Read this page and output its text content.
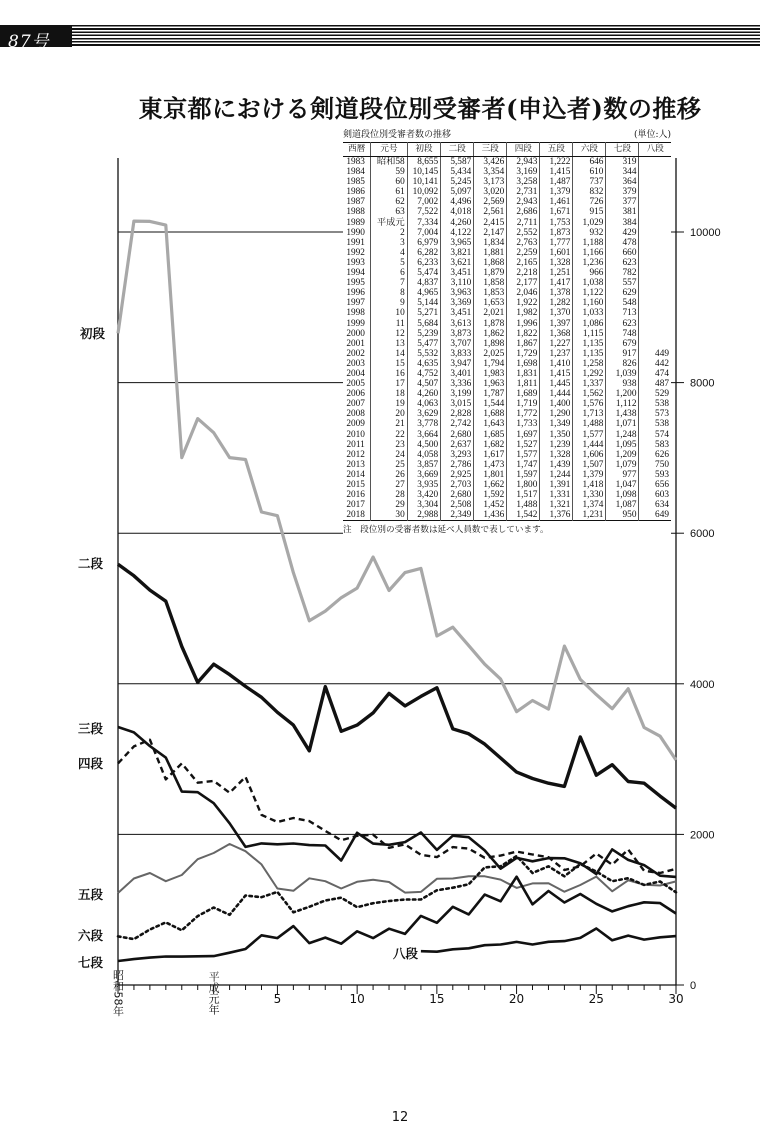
87号
東京都における剣道段位別受審者(申込者)数の推移
0
2000
4000
6000
8000
10000
昭和58年	平成元年	5	10	15	20	25	30
初段
二段
三段
四段
五段
六段
七段
八段
剣道段位別受審者数の推移	(単位:人)
西暦	元号	初段	二段	三段	四段	五段	六段	七段	八段
1983	昭和58	8,655	5,587	3,426	2,943	1,222	646	319	
1984	59	10,145	5,434	3,354	3,169	1,415	610	344	
1985	60	10,141	5,245	3,173	3,258	1,487	737	364	
1986	61	10,092	5,097	3,020	2,731	1,379	832	379	
1987	62	7,002	4,496	2,569	2,943	1,461	726	377	
1988	63	7,522	4,018	2,561	2,686	1,671	915	381	
1989	平成元	7,334	4,260	2,415	2,711	1,753	1,029	384	
1990	2	7,004	4,122	2,147	2,552	1,873	932	429	
1991	3	6,979	3,965	1,834	2,763	1,777	1,188	478	
1992	4	6,282	3,821	1,881	2,259	1,601	1,166	660	
1993	5	6,233	3,621	1,868	2,165	1,328	1,236	623	
1994	6	5,474	3,451	1,879	2,218	1,251	966	782	
1995	7	4,837	3,110	1,858	2,177	1,417	1,038	557	
1996	8	4,965	3,963	1,853	2,046	1,378	1,122	629	
1997	9	5,144	3,369	1,653	1,922	1,282	1,160	548	
1998	10	5,271	3,451	2,021	1,982	1,370	1,033	713	
1999	11	5,684	3,613	1,878	1,996	1,397	1,086	623	
2000	12	5,239	3,873	1,862	1,822	1,368	1,115	748	
2001	13	5,477	3,707	1,898	1,867	1,227	1,135	679	
2002	14	5,532	3,833	2,025	1,729	1,237	1,135	917	449
2003	15	4,635	3,947	1,794	1,698	1,410	1,258	826	442
2004	16	4,752	3,401	1,983	1,831	1,415	1,292	1,039	474
2005	17	4,507	3,336	1,963	1,811	1,445	1,337	938	487
2006	18	4,260	3,199	1,787	1,689	1,444	1,562	1,200	529
2007	19	4,063	3,015	1,544	1,719	1,400	1,576	1,112	538
2008	20	3,629	2,828	1,688	1,772	1,290	1,713	1,438	573
2009	21	3,778	2,742	1,643	1,733	1,349	1,488	1,071	538
2010	22	3,664	2,680	1,685	1,697	1,350	1,577	1,248	574
2011	23	4,500	2,637	1,682	1,527	1,239	1,444	1,095	583
2012	24	4,058	3,293	1,617	1,577	1,328	1,606	1,209	626
2013	25	3,857	2,786	1,473	1,747	1,439	1,507	1,079	750
2014	26	3,669	2,925	1,801	1,597	1,244	1,379	977	593
2015	27	3,935	2,703	1,662	1,800	1,391	1,418	1,047	656
2016	28	3,420	2,680	1,592	1,517	1,331	1,330	1,098	603
2017	29	3,304	2,508	1,452	1,488	1,321	1,374	1,087	634
2018	30	2,988	2,349	1,436	1,542	1,376	1,231	950	649
注　段位別の受審者数は延べ人員数で表しています。
12
